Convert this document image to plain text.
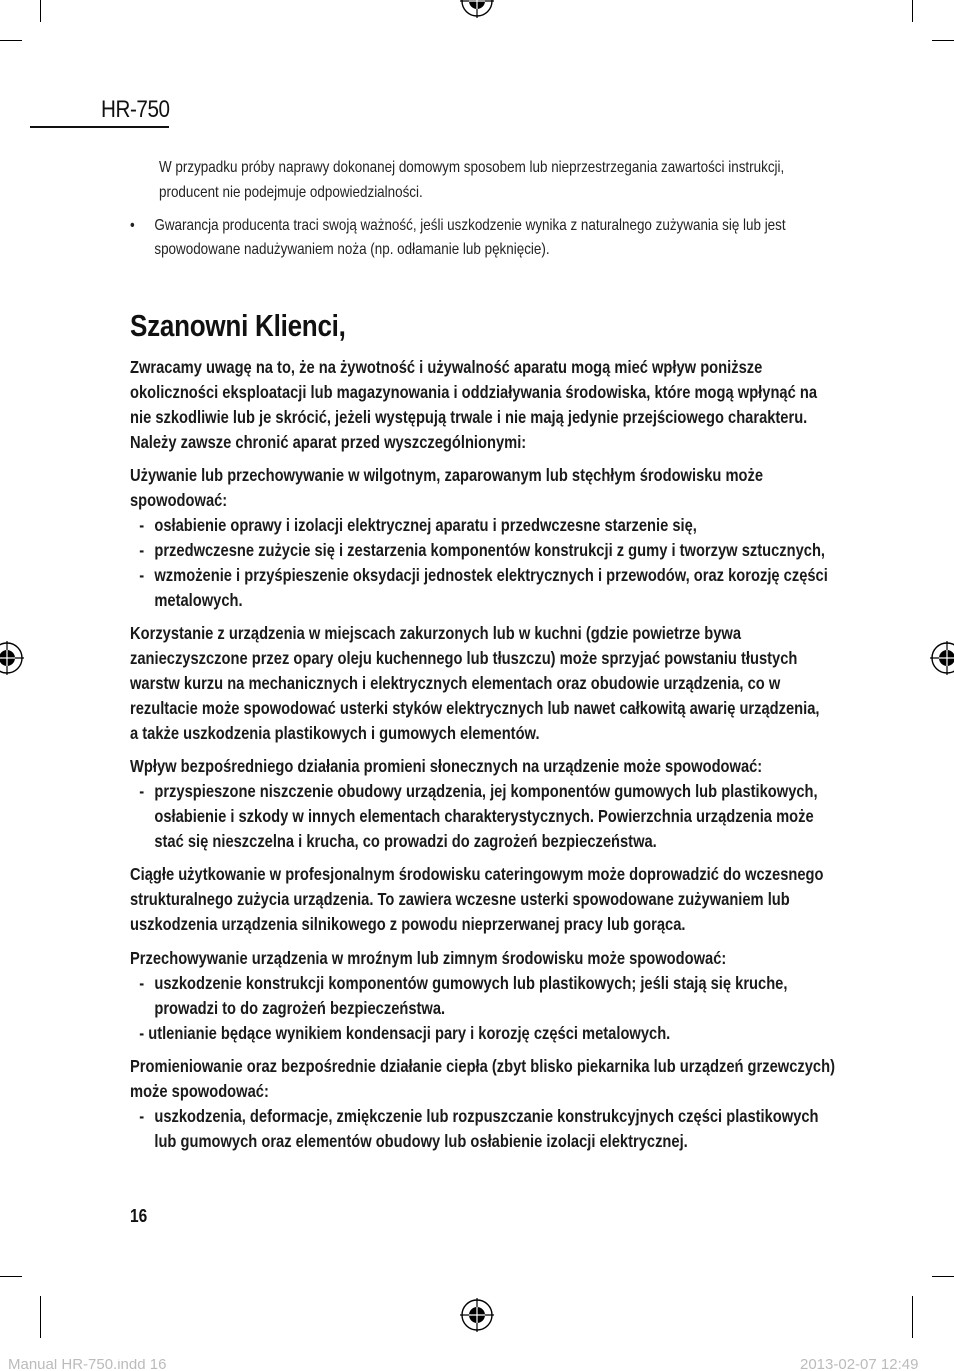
HR-750
W przypadku próby naprawy dokonanej domowym sposobem lub nieprzestrzegania zawartości instrukcji,
producent nie podejmuje odpowiedzialności.
• Gwarancja producenta traci swoją ważność, jeśli uszkodzenie wynika z naturalnego zużywania się lub jest
spowodowane nadużywaniem noża (np. odłamanie lub pęknięcie).
Szanowni Klienci,
Zwracamy uwagę na to, że na żywotność i używalność aparatu mogą mieć wpływ poniższe
okoliczności eksploatacji lub magazynowania i oddziaływania środowiska, które mogą wpłynąć na
nie szkodliwie lub je skrócić, jeżeli występują trwale i nie mają jedynie przejściowego charakteru.
Należy zawsze chronić aparat przed wyszczególnionymi:
Używanie lub przechowywanie w wilgotnym, zaparowanym lub stęchłym środowisku może
spowodować:
- osłabienie oprawy i izolacji elektrycznej aparatu i przedwczesne starzenie się,
- przedwczesne zużycie się i zestarzenia komponentów konstrukcji z gumy i tworzyw sztucznych,
- wzmożenie i przyśpieszenie oksydacji jednostek elektrycznych i przewodów, oraz korozję części
metalowych.
Korzystanie z urządzenia w miejscach zakurzonych lub w kuchni (gdzie powietrze bywa
zanieczyszczone przez opary oleju kuchennego lub tłuszczu) może sprzyjać powstaniu tłustych
warstw kurzu na mechanicznych i elektrycznych elementach oraz obudowie urządzenia, co w
rezultacie może spowodować usterki styków elektrycznych lub nawet całkowitą awarię urządzenia,
a także uszkodzenia plastikowych i gumowych elementów.
Wpływ bezpośredniego działania promieni słonecznych na urządzenie może spowodować:
- przyspieszone niszczenie obudowy urządzenia, jej komponentów gumowych lub plastikowych,
osłabienie i szkody w innych elementach charakterystycznych. Powierzchnia urządzenia może
stać się nieszczelna i krucha, co prowadzi do zagrożeń bezpieczeństwa.
Ciągłe użytkowanie w profesjonalnym środowisku cateringowym może doprowadzić do wczesnego
strukturalnego zużycia urządzenia. To zawiera wczesne usterki spowodowane zużywaniem lub
uszkodzenia urządzenia silnikowego z powodu nieprzerwanej pracy lub gorąca.
Przechowywanie urządzenia w mroźnym lub zimnym środowisku może spowodować:
- uszkodzenie konstrukcji komponentów gumowych lub plastikowych; jeśli stają się kruche,
prowadzi to do zagrożeń bezpieczeństwa.
- utlenianie będące wynikiem kondensacji pary i korozję części metalowych.
Promieniowanie oraz bezpośrednie działanie ciepła (zbyt blisko piekarnika lub urządzeń grzewczych)
może spowodować:
- uszkodzenia, deformacje, zmiękczenie lub rozpuszczanie konstrukcyjnych części plastikowych
lub gumowych oraz elementów obudowy lub osłabienie izolacji elektrycznej.
16
Manual HR-750.indd 16	2013-02-07 12:49
